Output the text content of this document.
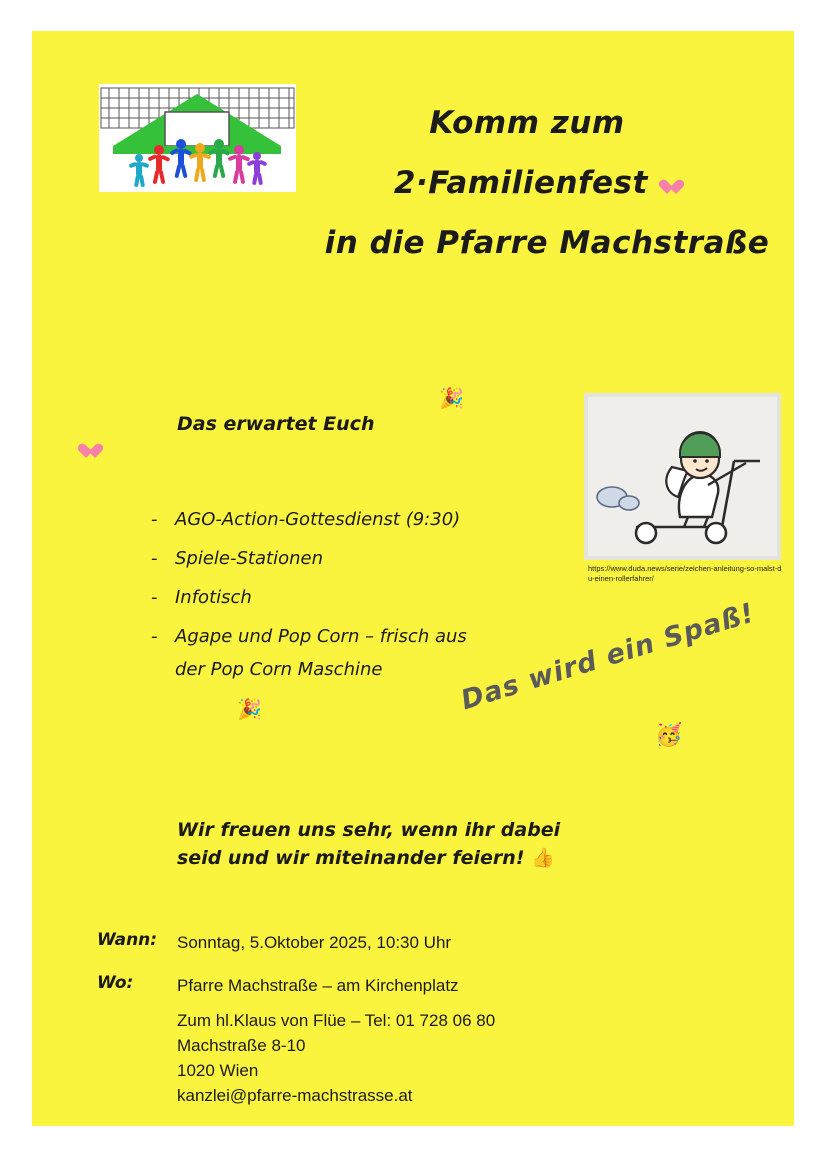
Komm zum
2·Familienfest
in die Pfarre Machstraße
🎉
🎉
🥳
Das erwartet Euch
- AGO-Action-Gottesdienst (9:30)
- Spiele-Stationen
- Infotisch
- Agape und Pop Corn – frisch aus
der Pop Corn Maschine
https://www.duda.news/serie/zeichen-anleitung-so-malst-du-einen-rollerfahrer/
Das wird ein Spaß!
Wir freuen uns sehr, wenn ihr dabei
seid und wir miteinander feiern! 👍
Wann:	Sonntag, 5.Oktober 2025, 10:30 Uhr
Wo:	Pfarre Machstraße – am Kirchenplatz
Zum hl.Klaus von Flüe – Tel: 01 728 06 80
Machstraße 8-10
1020 Wien
kanzlei@pfarre-machstrasse.at
